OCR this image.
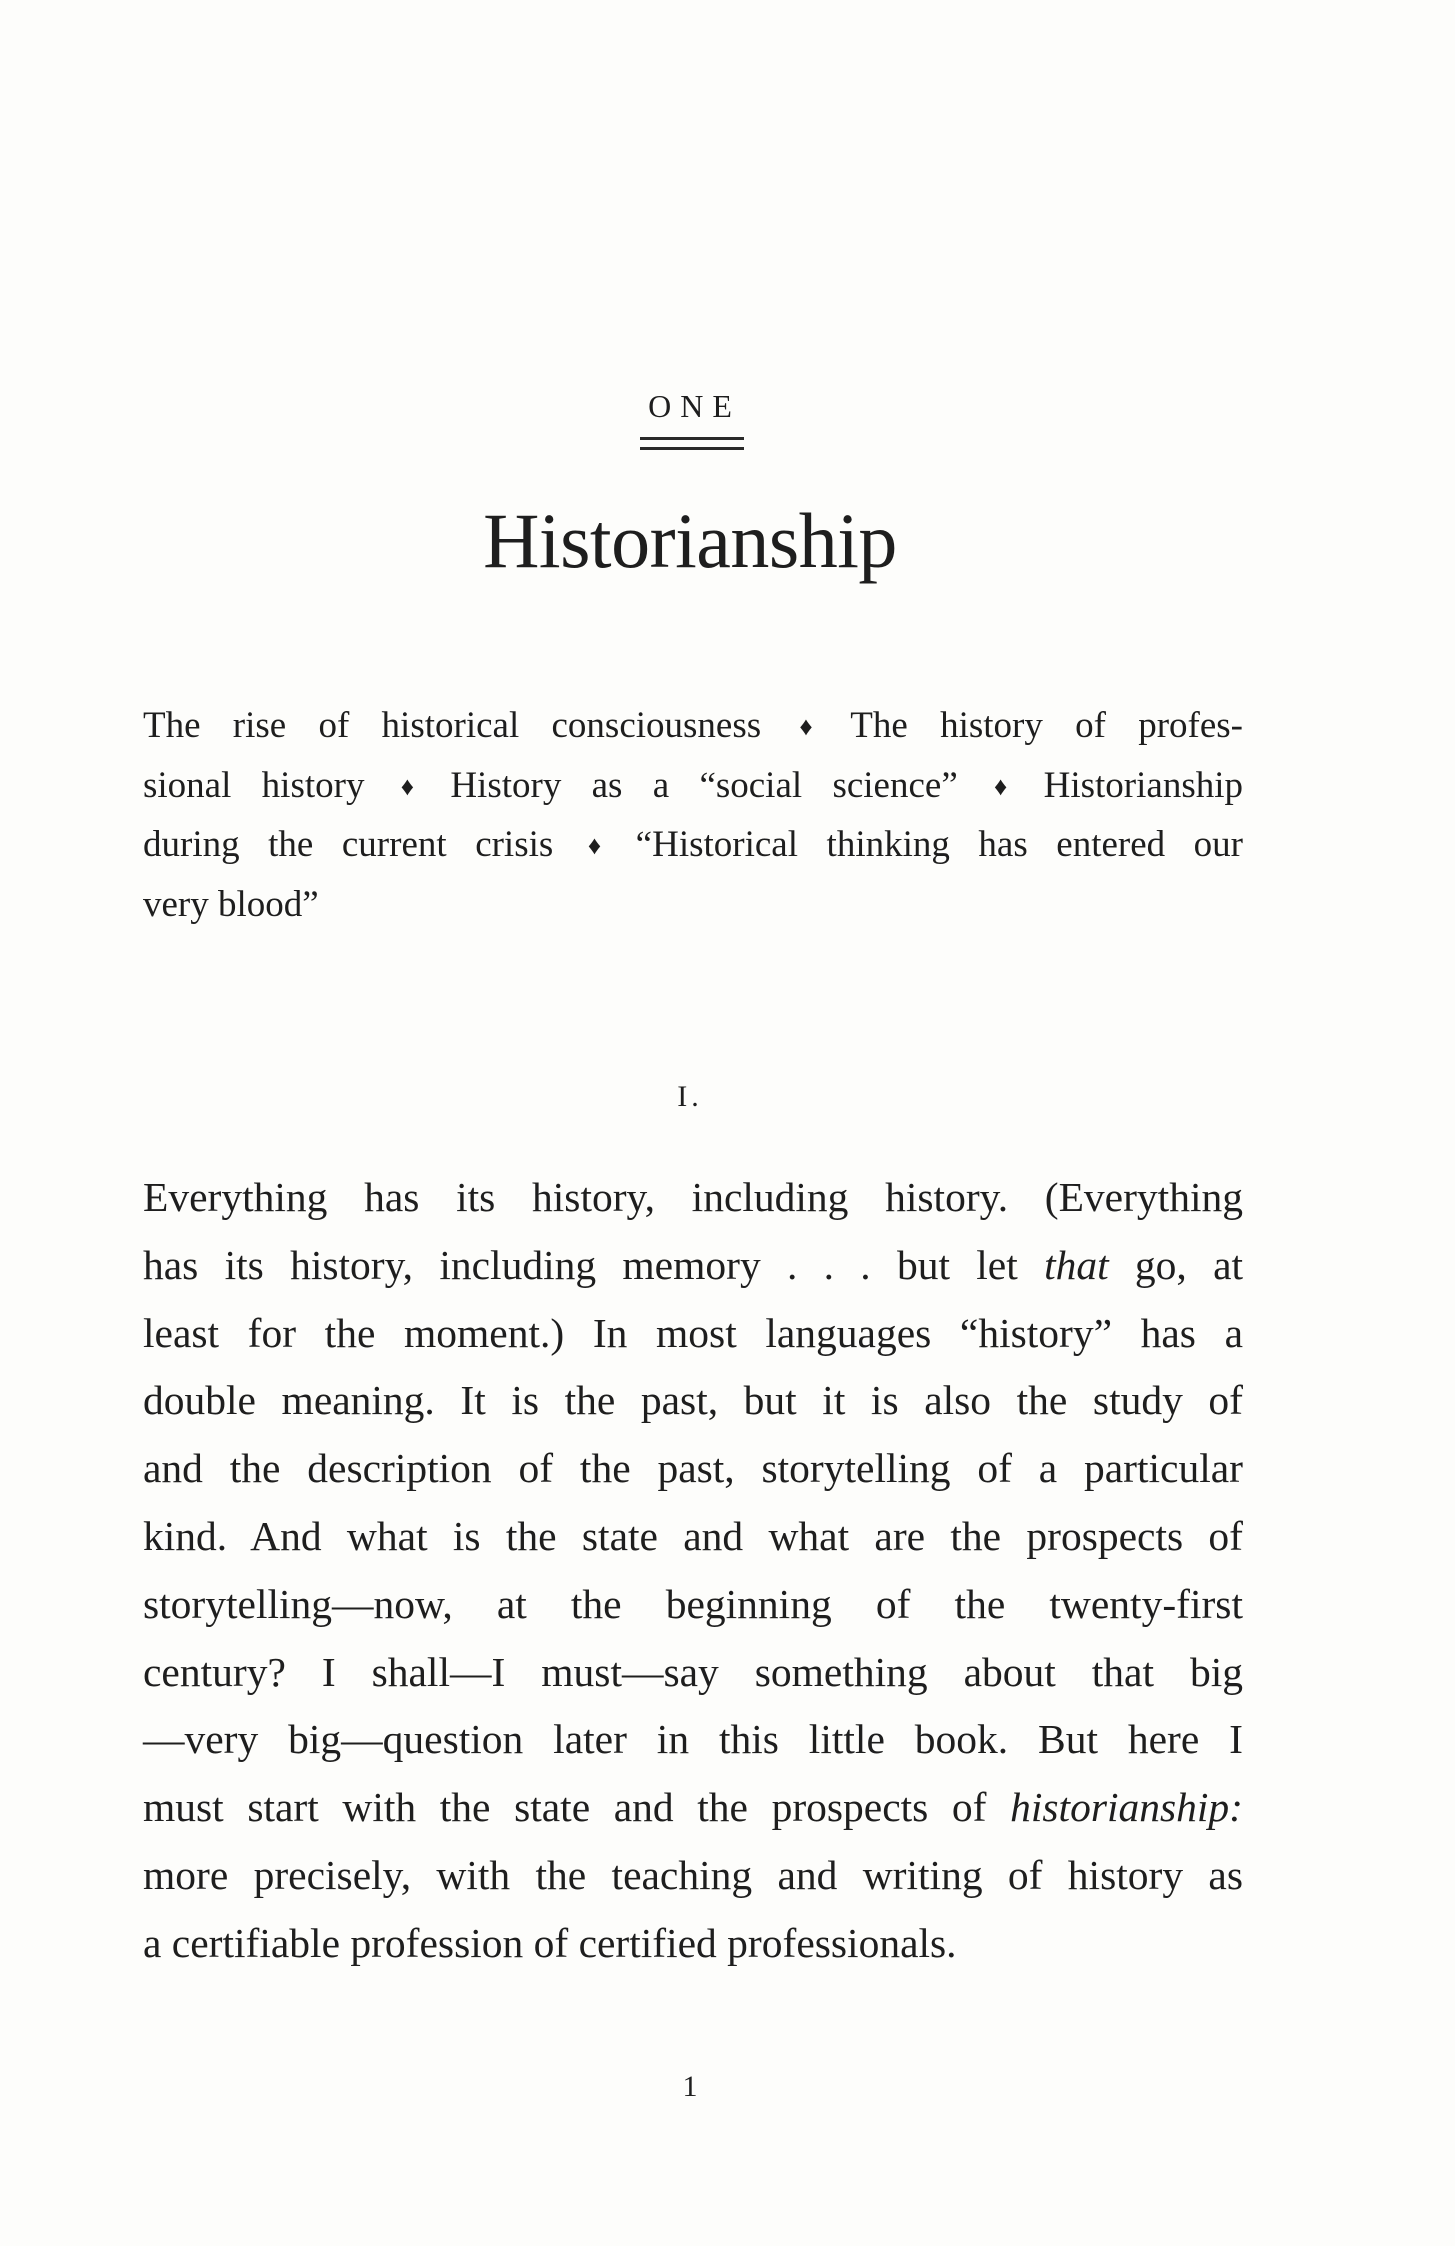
ONE
Historianship
The rise of historical consciousness ♦ The history of profes-
sional history ♦ History as a “social science” ♦ Historianship
during the current crisis ♦ “Historical thinking has entered our
very blood”
I.
Everything has its history, including history. (Everything
has its history, including memory . . . but let that go, at
least for the moment.) In most languages “history” has a
double meaning. It is the past, but it is also the study of
and the description of the past, storytelling of a particular
kind. And what is the state and what are the prospects of
storytelling—now, at the beginning of the twenty-first
century? I shall—I must—say something about that big
—very big—question later in this little book. But here I
must start with the state and the prospects of historianship:
more precisely, with the teaching and writing of history as
a certifiable profession of certified professionals.
1
